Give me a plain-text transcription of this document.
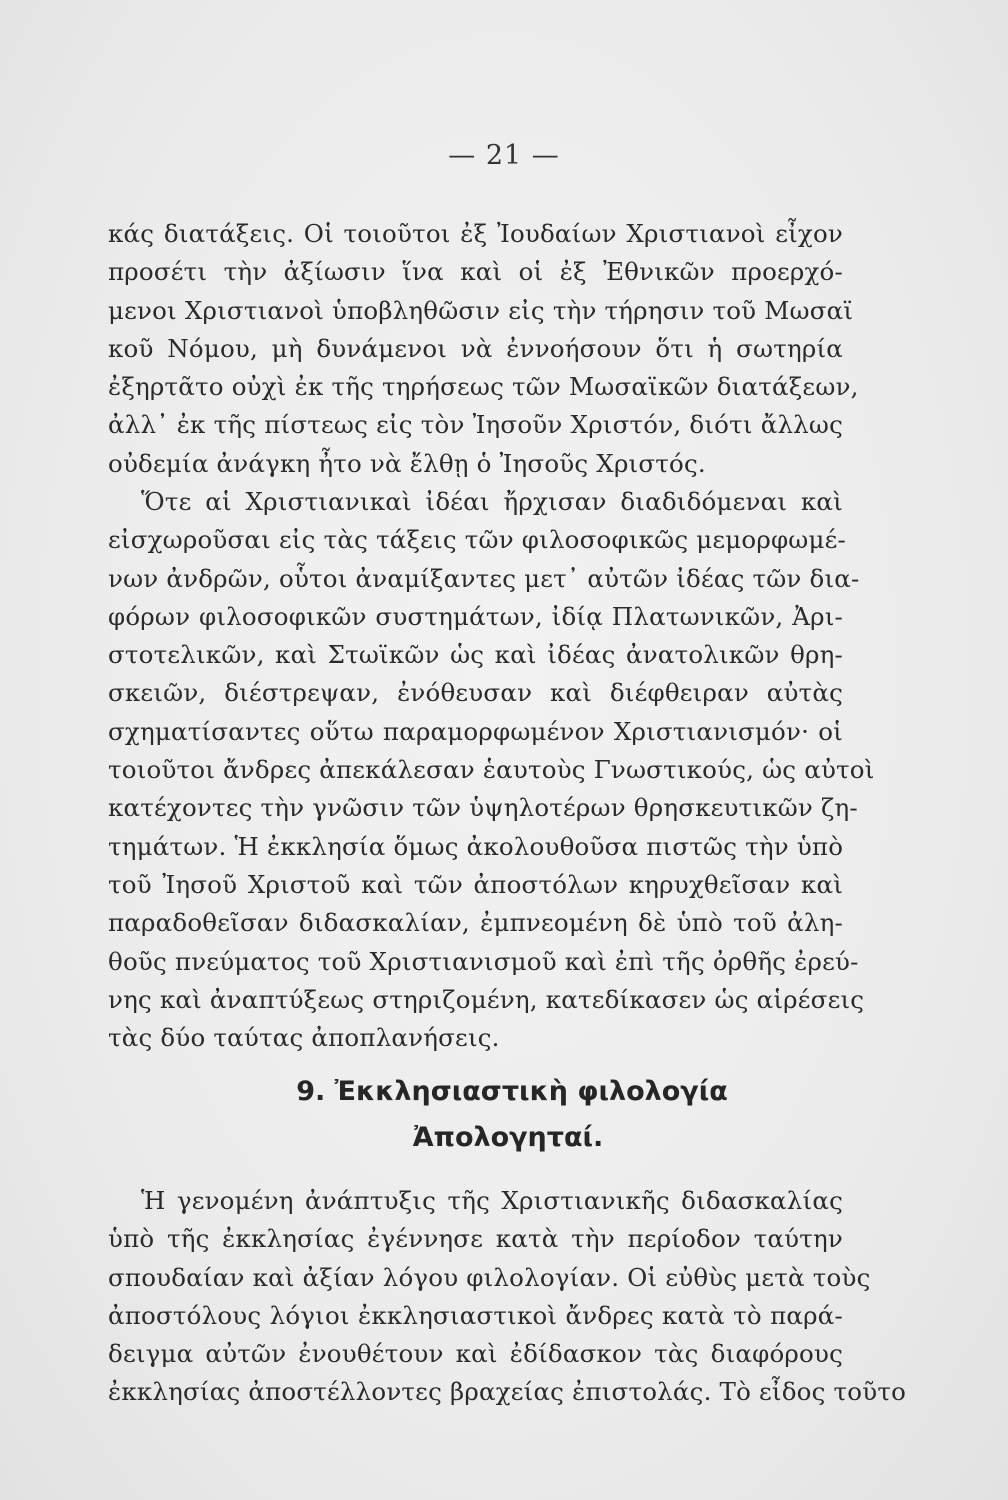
— 21 —
κάς διατάξεις. Οἱ τοιοῦτοι ἐξ Ἰουδαίων Χριστιανοὶ εἶχον
προσέτι τὴν ἀξίωσιν ἵνα καὶ οἱ ἐξ Ἐθνικῶν προερχό-
μενοι Χριστιανοὶ ὑποβληθῶσιν εἰς τὴν τήρησιν τοῦ Μωσαϊ
κοῦ Νόμου, μὴ δυνάμενοι νὰ ἐννοήσουν ὅτι ἡ σωτηρία
ἐξηρτᾶτο οὐχὶ ἐκ τῆς τηρήσεως τῶν Μωσαϊκῶν διατάξεων,
ἀλλ᾽ ἐκ τῆς πίστεως εἰς τὸν Ἰησοῦν Χριστόν, διότι ἄλλως
οὐδεμία ἀνάγκη ἦτο νὰ ἔλθῃ ὁ Ἰησοῦς Χριστός.
Ὅτε αἱ Χριστιανικαὶ ἰδέαι ἤρχισαν διαδιδόμεναι καὶ
εἰσχωροῦσαι εἰς τὰς τάξεις τῶν φιλοσοφικῶς μεμορφωμέ-
νων ἀνδρῶν, οὗτοι ἀναμίξαντες μετ᾽ αὐτῶν ἰδέας τῶν δια-
φόρων φιλοσοφικῶν συστημάτων, ἰδίᾳ Πλατωνικῶν, Ἀρι-
στοτελικῶν, καὶ Στωϊκῶν ὡς καὶ ἰδέας ἀνατολικῶν θρη-
σκειῶν, διέστρεψαν, ἐνόθευσαν καὶ διέφθειραν αὐτὰς
σχηματίσαντες οὕτω παραμορφωμένον Χριστιανισμόν· οἱ
τοιοῦτοι ἄνδρες ἀπεκάλεσαν ἑαυτοὺς Γνωστικούς, ὡς αὐτοὶ
κατέχοντες τὴν γνῶσιν τῶν ὑψηλοτέρων θρησκευτικῶν ζη-
τημάτων. Ἡ ἐκκλησία ὅμως ἀκολουθοῦσα πιστῶς τὴν ὑπὸ
τοῦ Ἰησοῦ Χριστοῦ καὶ τῶν ἀποστόλων κηρυχθεῖσαν καὶ
παραδοθεῖσαν διδασκαλίαν, ἐμπνεομένη δὲ ὑπὸ τοῦ ἀλη-
θοῦς πνεύματος τοῦ Χριστιανισμοῦ καὶ ἐπὶ τῆς ὀρθῆς ἐρεύ-
νης καὶ ἀναπτύξεως στηριζομένη, κατεδίκασεν ὡς αἱρέσεις
τὰς δύο ταύτας ἀποπλανήσεις.
9. Ἐκκλησιαστικὴ φιλολογία
Ἀπολογηταί.
Ἡ γενομένη ἀνάπτυξις τῆς Χριστιανικῆς διδασκαλίας
ὑπὸ τῆς ἐκκλησίας ἐγέννησε κατὰ τὴν περίοδον ταύτην
σπουδαίαν καὶ ἀξίαν λόγου φιλολογίαν. Οἱ εὐθὺς μετὰ τοὺς
ἀποστόλους λόγιοι ἐκκλησιαστικοὶ ἄνδρες κατὰ τὸ παρά-
δειγμα αὐτῶν ἐνουθέτουν καὶ ἐδίδασκον τὰς διαφόρους
ἐκκλησίας ἀποστέλλοντες βραχείας ἐπιστολάς. Τὸ εἶδος τοῦτο
